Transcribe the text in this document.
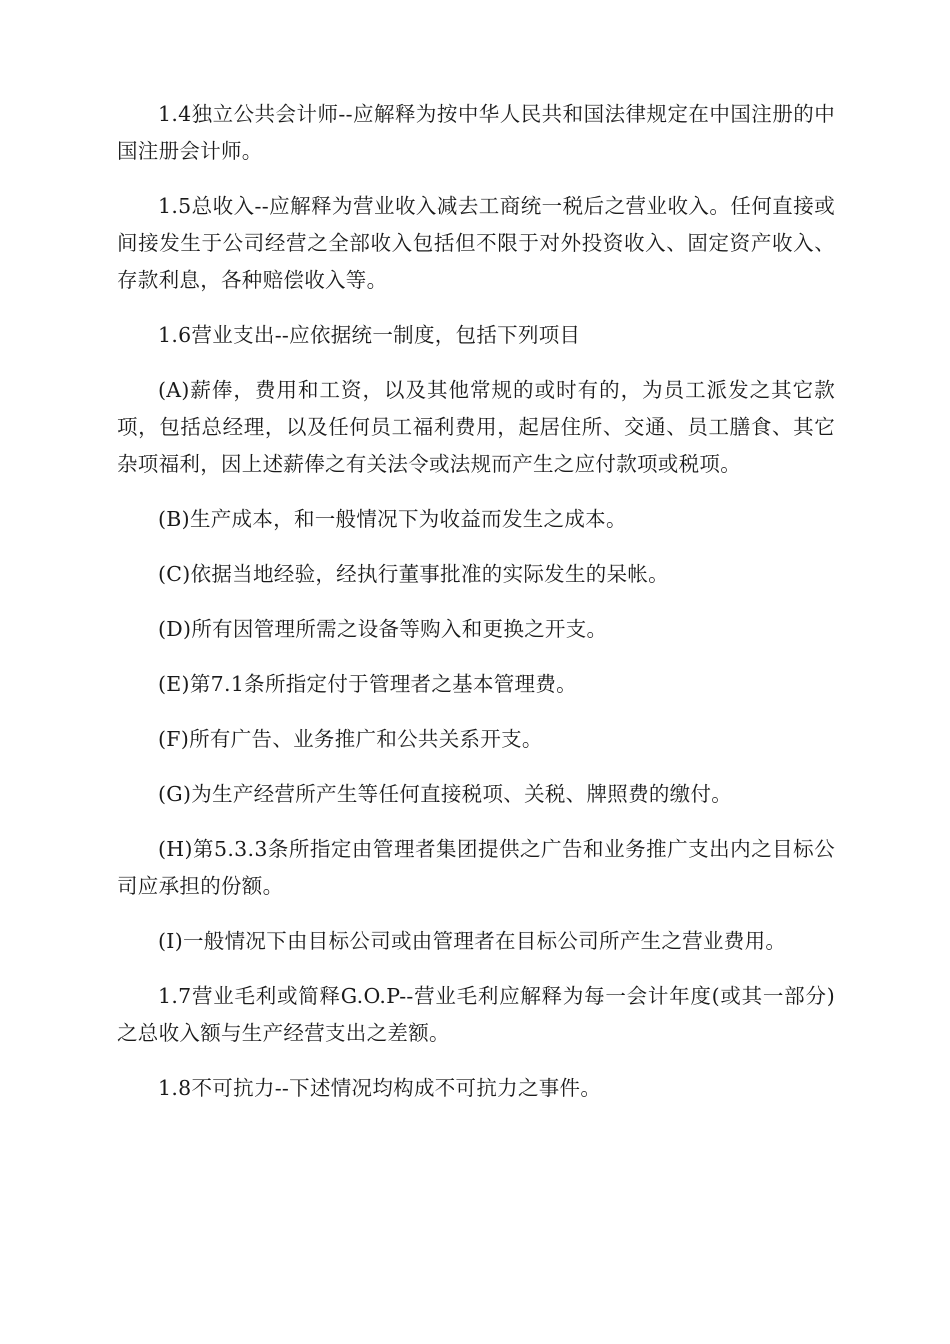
1.4独立公共会计师--应解释为按中华人民共和国法律规定在中国注册的中国注册会计师。

1.5总收入--应解释为营业收入减去工商统一税后之营业收入。任何直接或间接发生于公司经营之全部收入包括但不限于对外投资收入、固定资产收入、存款利息，各种赔偿收入等。

1.6营业支出--应依据统一制度，包括下列项目

(A)薪俸，费用和工资，以及其他常规的或时有的，为员工派发之其它款项，包括总经理，以及任何员工福利费用，起居住所、交通、员工膳食、其它杂项福利，因上述薪俸之有关法令或法规而产生之应付款项或税项。

(B)生产成本，和一般情况下为收益而发生之成本。

(C)依据当地经验，经执行董事批准的实际发生的呆帐。

(D)所有因管理所需之设备等购入和更换之开支。

(E)第7.1条所指定付于管理者之基本管理费。

(F)所有广告、业务推广和公共关系开支。

(G)为生产经营所产生等任何直接税项、关税、牌照费的缴付。

(H)第5.3.3条所指定由管理者集团提供之广告和业务推广支出内之目标公司应承担的份额。

(I)一般情况下由目标公司或由管理者在目标公司所产生之营业费用。

1.7营业毛利或简释G.O.P--营业毛利应解释为每一会计年度(或其一部分)之总收入额与生产经营支出之差额。

1.8不可抗力--下述情况均构成不可抗力之事件。
